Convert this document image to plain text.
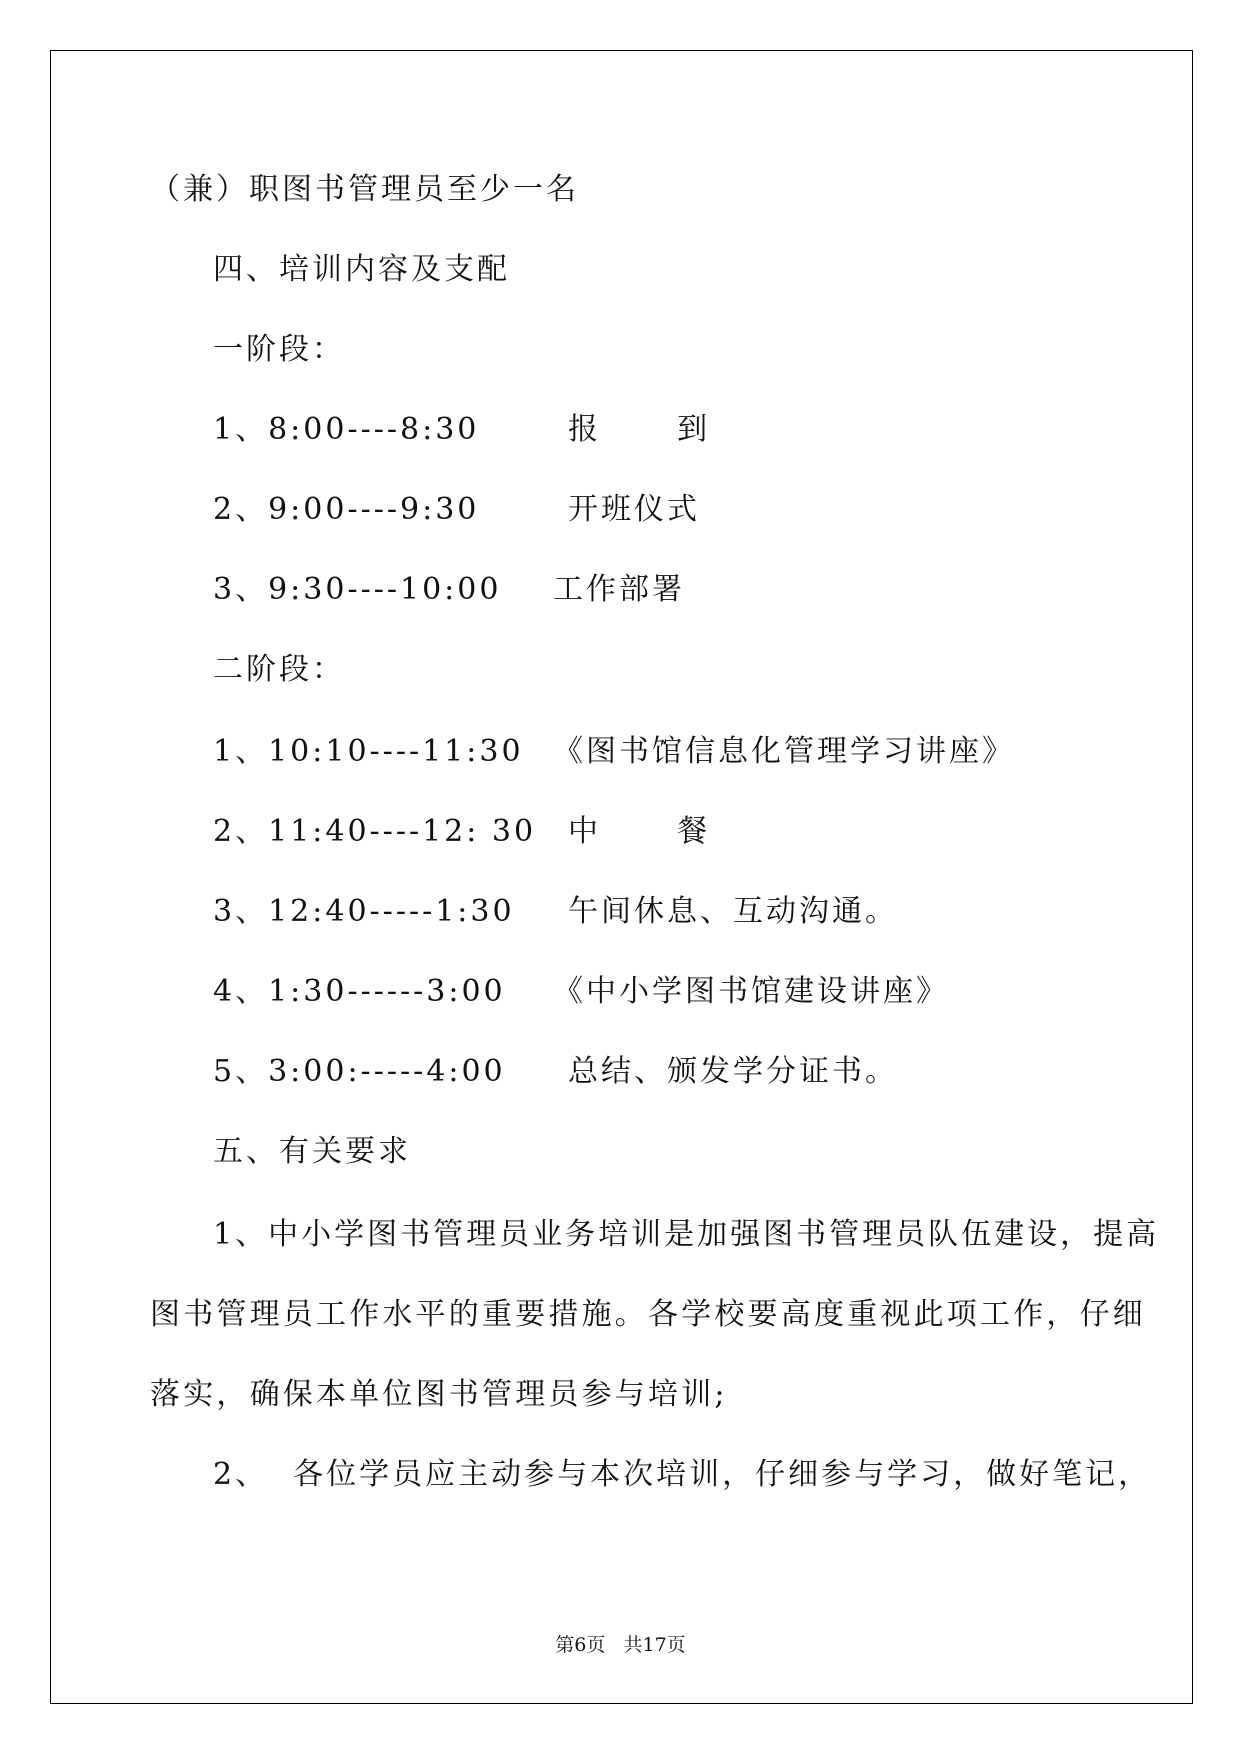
（兼）职图书管理员至少一名

四、培训内容及支配

一阶段：

1、8:00----8:30	报  到
2、9:00----9:30	开班仪式
3、9:30----10:00 工作部署

二阶段：

1、10:10----11:30 《图书馆信息化管理学习讲座》
2、11:40----12: 30 中  餐
3、12:40-----1:30 午间休息、互动沟通。
4、1:30------3:00 《中小学图书馆建设讲座》
5、3:00:-----4:00 总结、颁发学分证书。

五、有关要求

1、中小学图书管理员业务培训是加强图书管理员队伍建设，提高

图书管理员工作水平的重要措施。各学校要高度重视此项工作，仔细

落实，确保本单位图书管理员参与培训;

2、  各位学员应主动参与本次培训，仔细参与学习，做好笔记，

第6页   共17页
